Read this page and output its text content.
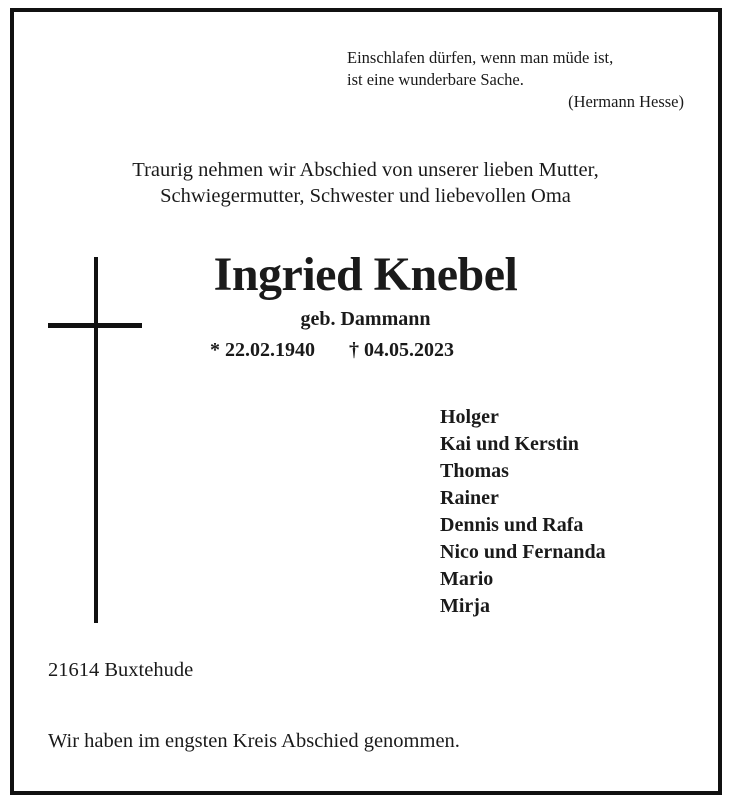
Einschlafen dürfen, wenn man müde ist,
ist eine wunderbare Sache.
(Hermann Hesse)
Traurig nehmen wir Abschied von unserer lieben Mutter,
Schwiegermutter, Schwester und liebevollen Oma
Ingried Knebel
geb. Dammann
* 22.02.1940 † 04.05.2023
Holger
Kai und Kerstin
Thomas
Rainer
Dennis und Rafa
Nico und Fernanda
Mario
Mirja
21614 Buxtehude
Wir haben im engsten Kreis Abschied genommen.
